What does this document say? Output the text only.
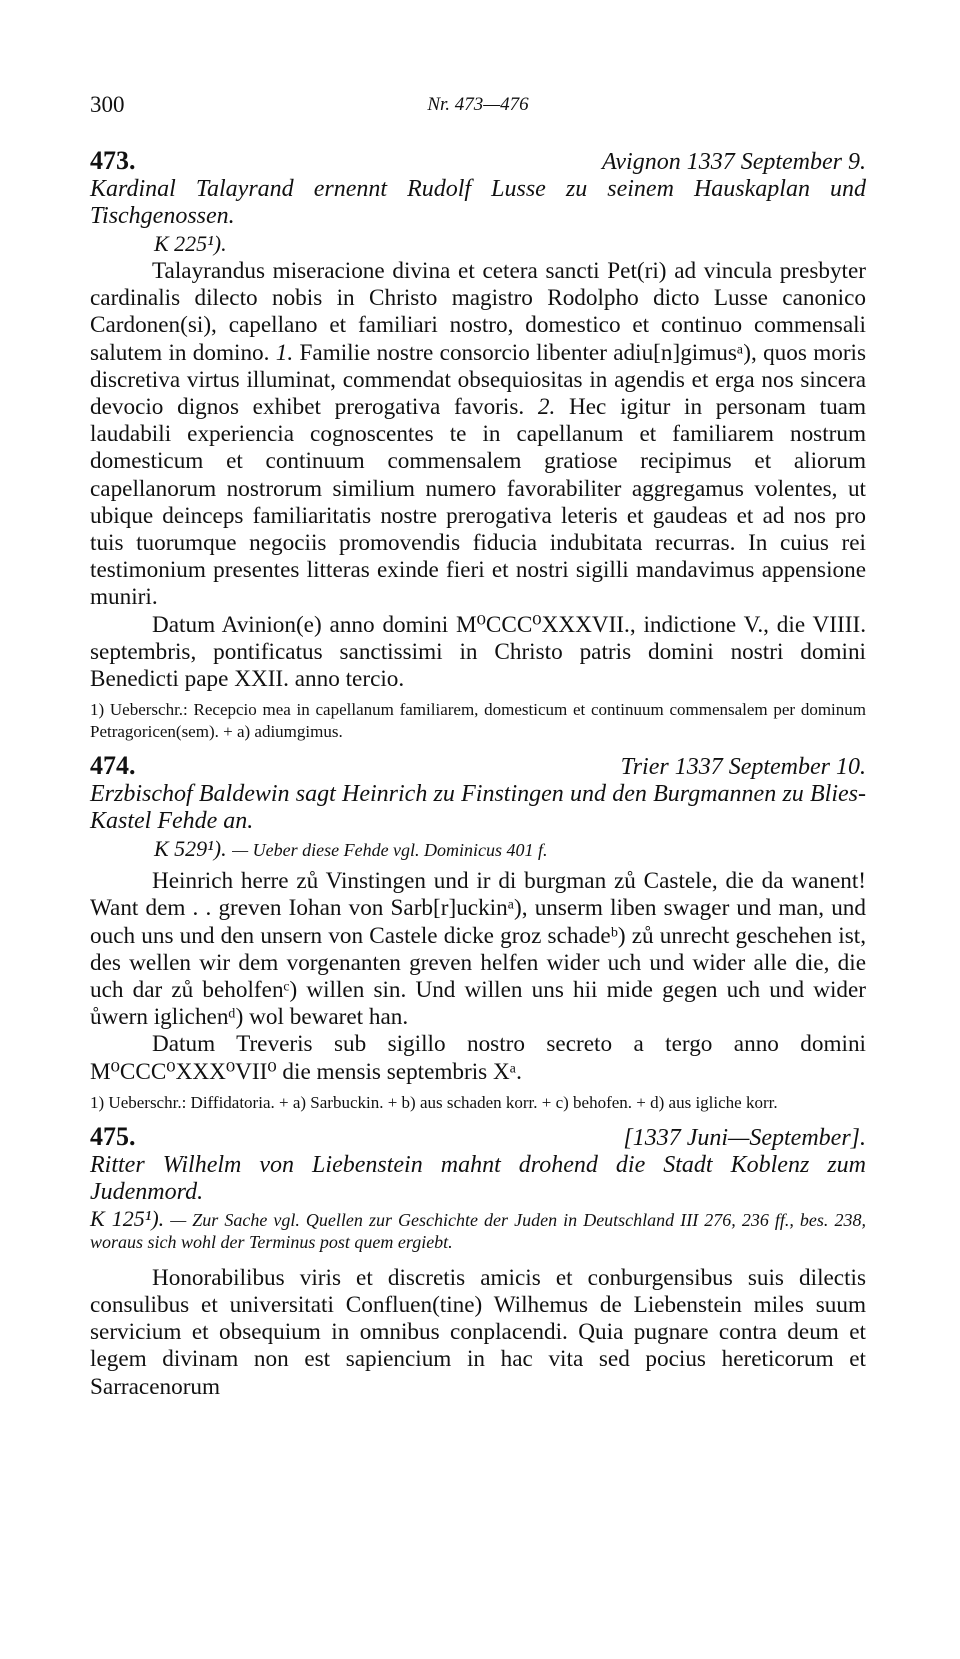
300	Nr. 473—476
473.	Avignon 1337 September 9.
Kardinal Talayrand ernennt Rudolf Lusse zu seinem Hauskaplan und Tischgenossen.
K 225¹).

Talayrandus miseracione divina et cetera sancti Pet(ri) ad vincula presbyter cardinalis dilecto nobis in Christo magistro Rodolpho dicto Lusse canonico Cardonen(si), capellano et familiari nostro, domestico et continuo commensali salutem in domino. 1. Familie nostre consorcio libenter adiu[n]gimusᵃ), quos moris discretiva virtus illuminat, commendat obsequiositas in agendis et erga nos sincera devocio dignos exhibet prerogativa favoris. 2. Hec igitur in personam tuam laudabili experiencia cognoscentes te in capellanum et familiarem nostrum domesticum et continuum commensalem gratiose recipimus et aliorum capellanorum nostrorum similium numero favorabiliter aggregamus volentes, ut ubique deinceps familiaritatis nostre prerogativa leteris et gaudeas et ad nos pro tuis tuorumque negociis promovendis fiducia indubitata recurras. In cuius rei testimonium presentes litteras exinde fieri et nostri sigilli mandavimus appensione muniri.

Datum Avinion(e) anno domini M⁰CCC⁰XXXVII., indictione V., die VIIII. septembris, pontificatus sanctissimi in Christo patris domini nostri domini Benedicti pape XXII. anno tercio.

1) Ueberschr.: Recepcio mea in capellanum familiarem, domesticum et continuum commensalem per dominum Petragoricen(sem). + a) adiumgimus.
474.	Trier 1337 September 10.
Erzbischof Baldewin sagt Heinrich zu Finstingen und den Burgmannen zu Blies-Kastel Fehde an.
K 529¹). — Ueber diese Fehde vgl. Dominicus 401 f.

Heinrich herre zů Vinstingen und ir di burgman zů Castele, die da wanent! Want dem . . greven Iohan von Sarb[r]uckinᵃ), unserm liben swager und man, und ouch uns und den unsern von Castele dicke groz schadeᵇ) zů unrecht geschehen ist, des wellen wir dem vorgenanten greven helfen wider uch und wider alle die, die uch dar zů beholfenᶜ) willen sin. Und willen uns hii mide gegen uch und wider ůwern iglichenᵈ) wol bewaret han.

Datum Treveris sub sigillo nostro secreto a tergo anno domini M⁰CCC⁰XXX⁰VII⁰ die mensis septembris Xᵃ.

1) Ueberschr.: Diffidatoria. + a) Sarbuckin. + b) aus schaden korr. + c) behofen. + d) aus igliche korr.
475.	[1337 Juni—September].
Ritter Wilhelm von Liebenstein mahnt drohend die Stadt Koblenz zum Judenmord.
K 125¹). — Zur Sache vgl. Quellen zur Geschichte der Juden in Deutschland III 276, 236 ff., bes. 238, woraus sich wohl der Terminus post quem ergiebt.

Honorabilibus viris et discretis amicis et conburgensibus suis dilectis consulibus et universitati Confluen(tine) Wilhemus de Liebenstein miles suum servicium et obsequium in omnibus conplacendi. Quia pugnare contra deum et legem divinam non est sapiencium in hac vita sed pocius hereticorum et Sarracenorum
